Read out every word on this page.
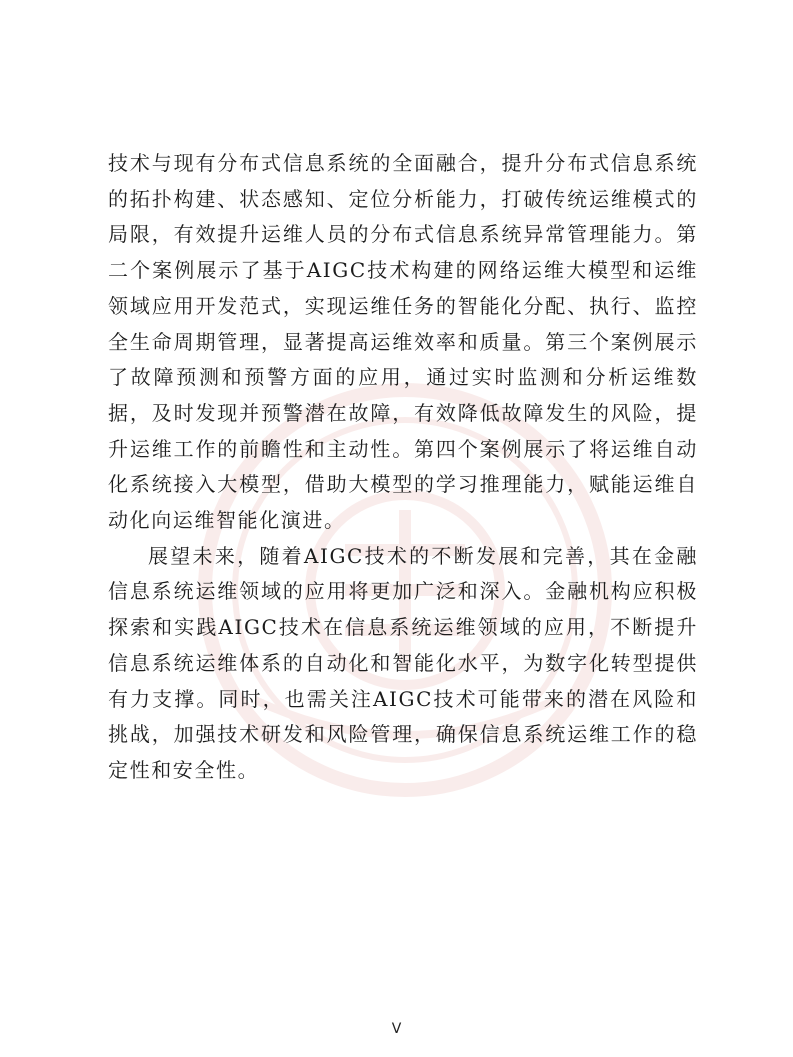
技术与现有分布式信息系统的全面融合，提升分布式信息系统的拓扑构建、状态感知、定位分析能力，打破传统运维模式的局限，有效提升运维人员的分布式信息系统异常管理能力。第二个案例展示了基于AIGC技术构建的网络运维大模型和运维领域应用开发范式，实现运维任务的智能化分配、执行、监控全生命周期管理，显著提高运维效率和质量。第三个案例展示了故障预测和预警方面的应用，通过实时监测和分析运维数据，及时发现并预警潜在故障，有效降低故障发生的风险，提升运维工作的前瞻性和主动性。第四个案例展示了将运维自动化系统接入大模型，借助大模型的学习推理能力，赋能运维自动化向运维智能化演进。

展望未来，随着AIGC技术的不断发展和完善，其在金融信息系统运维领域的应用将更加广泛和深入。金融机构应积极探索和实践AIGC技术在信息系统运维领域的应用，不断提升信息系统运维体系的自动化和智能化水平，为数字化转型提供有力支撑。同时，也需关注AIGC技术可能带来的潜在风险和挑战，加强技术研发和风险管理，确保信息系统运维工作的稳定性和安全性。

V
